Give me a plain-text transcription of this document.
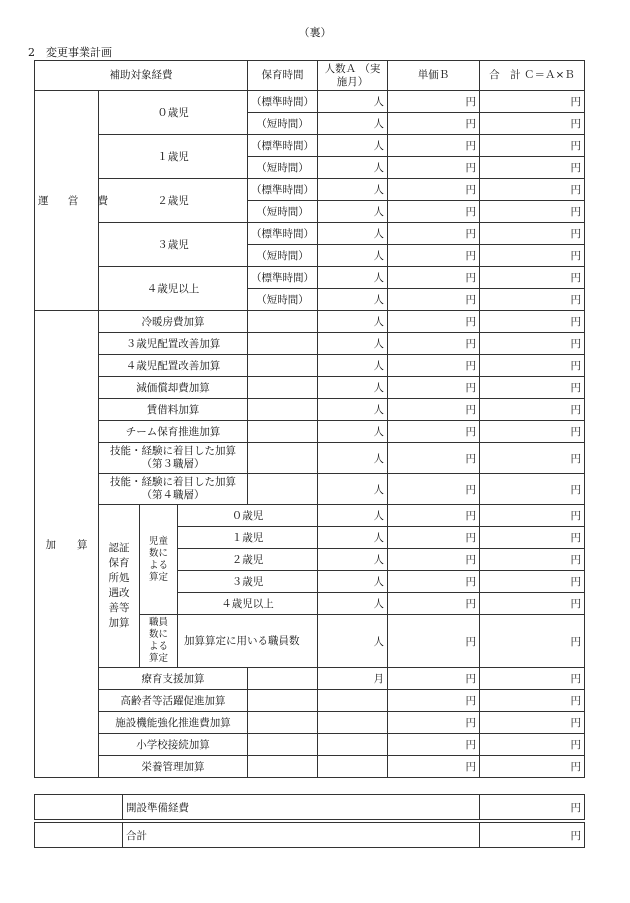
（裏）
2　変更事業計画
補助対象経費				保育時間	人数Ａ （実施月）	単価Ｂ	合　計 Ｃ＝Ａ×Ｂ
運 営 費	０歳児			（標準時間）	人	円	円
				（短時間）	人	円	円
	１歳児			（標準時間）	人	円	円
				（短時間）	人	円	円
	２歳児			（標準時間）	人	円	円
				（短時間）	人	円	円
	３歳児			（標準時間）	人	円	円
				（短時間）	人	円	円
	４歳児以上			（標準時間）	人	円	円
				（短時間）	人	円	円
加　　算	冷暖房費加算				人	円	円
	３歳児配置改善加算				人	円	円
	４歳児配置改善加算				人	円	円
	減価償却費加算				人	円	円
	賃借料加算				人	円	円
	チーム保育推進加算				人	円	円
	技能・経験に着目した加算（第３職層）				人	円	円
	技能・経験に着目した加算（第４職層）				人	円	円
	認証保育所処遇改善等加算	児童数による算定	０歳児		人	円	円
			１歳児		人	円	円
			２歳児		人	円	円
			３歳児		人	円	円
			４歳児以上		人	円	円
		職員数による算定	加算算定に用いる職員数		人	円	円
	療育支援加算				月	円	円
	高齢者等活躍促進加算					円	円
	施設機能強化推進費加算					円	円
	小学校接続加算					円	円
	栄養管理加算					円	円
	開設準備経費	円
	合計	円
